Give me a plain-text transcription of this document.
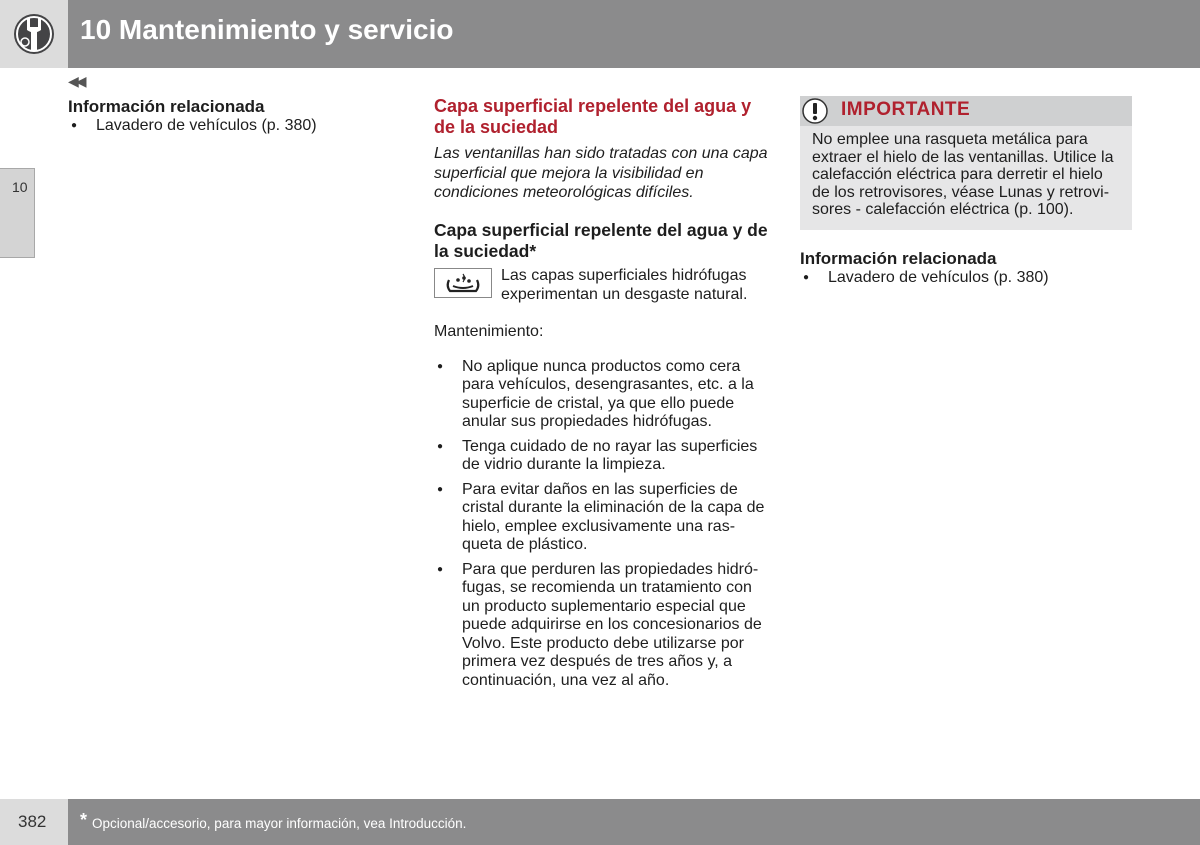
10 Mantenimiento y servicio
◀◀
10

Información relacionada

● Lavadero de vehículos (p. 380)

Capa superficial repelente del agua y de la suciedad

Las ventanillas han sido tratadas con una capa superficial que mejora la visibilidad en condiciones meteorológicas difíciles.

Capa superficial repelente del agua y de la suciedad*

Las capas superficiales hidrófugas experimentan un desgaste natural.

Mantenimiento:

● No aplique nunca productos como cera para vehículos, desengrasantes, etc. a la superficie de cristal, ya que ello puede anular sus propiedades hidrófugas.
● Tenga cuidado de no rayar las superficies de vidrio durante la limpieza.
● Para evitar daños en las superficies de cristal durante la eliminación de la capa de hielo, emplee exclusivamente una ras-queta de plástico.
● Para que perduren las propiedades hidró-fugas, se recomienda un tratamiento con un producto suplementario especial que puede adquirirse en los concesionarios de Volvo. Este producto debe utilizarse por primera vez después de tres años y, a continuación, una vez al año.
IMPORTANTE
No emplee una rasqueta metálica para extraer el hielo de las ventanillas. Utilice la calefacción eléctrica para derretir el hielo de los retrovisores, véase Lunas y retrovi-sores - calefacción eléctrica (p. 100).

Información relacionada

● Lavadero de vehículos (p. 380)
382 * Opcional/accesorio, para mayor información, vea Introducción.
